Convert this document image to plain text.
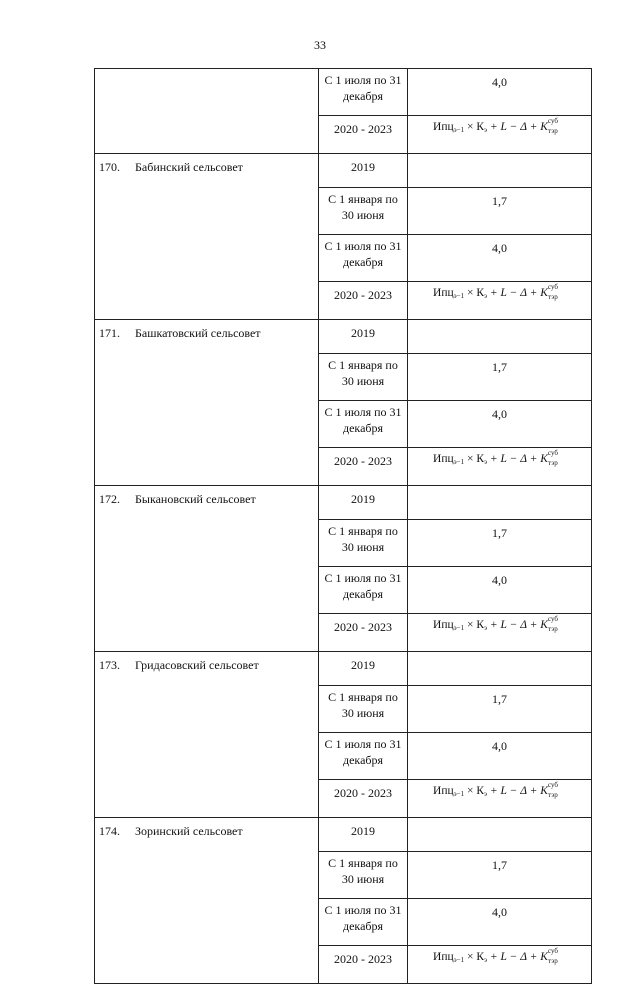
33
	С 1 июля по 31 декабря	4,0
	2020 - 2023	$Ипц_{э-1} \times К_э + L - \Delta + K$ суб
тэр

170. Бабинский сельсовет	2019	
	С 1 января по 30 июня	1,7
	С 1 июля по 31 декабря	4,0
	2020 - 2023	$Ипц_{э-1} \times К_э + L - \Delta + K$ суб
тэр

171. Башкатовский сельсовет	2019	
	С 1 января по 30 июня	1,7
	С 1 июля по 31 декабря	4,0
	2020 - 2023	$Ипц_{э-1} \times К_э + L - \Delta + K$ суб
тэр

172. Быкановский сельсовет	2019	
	С 1 января по 30 июня	1,7
	С 1 июля по 31 декабря	4,0
	2020 - 2023	$Ипц_{э-1} \times К_э + L - \Delta + K$ суб
тэр

173. Гридасовский сельсовет	2019	
	С 1 января по 30 июня	1,7
	С 1 июля по 31 декабря	4,0
	2020 - 2023	$Ипц_{э-1} \times К_э + L - \Delta + K$ суб
тэр

174. Зоринский сельсовет	2019	
	С 1 января по 30 июня	1,7
	С 1 июля по 31 декабря	4,0
	2020 - 2023	$Ипц_{э-1} \times К_э + L - \Delta + K$ суб
тэр
